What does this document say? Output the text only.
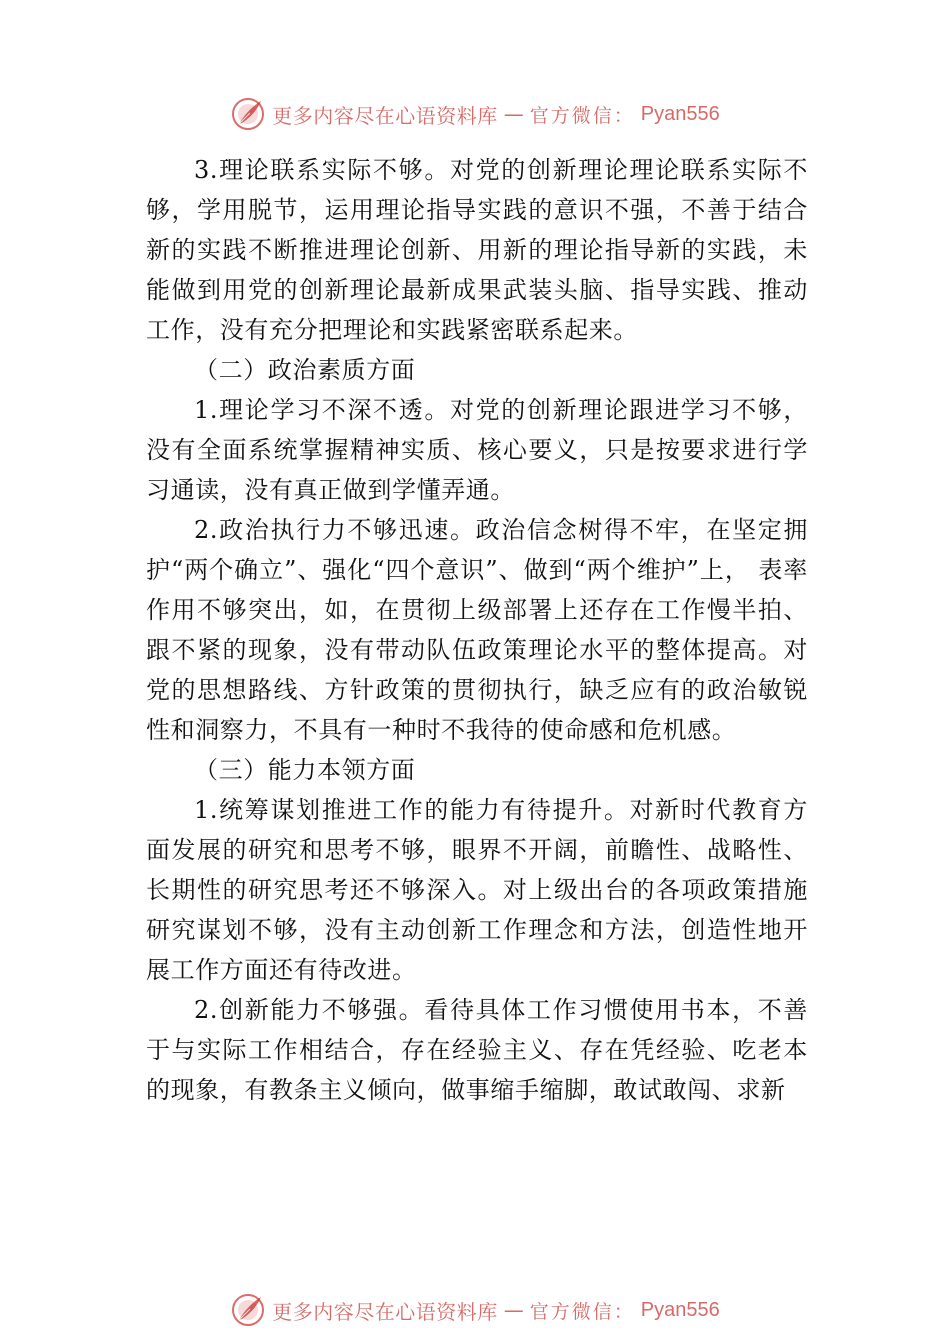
更多内容尽在心语资料库 — 官方微信： Pyan556

3.理论联系实际不够。对党的创新理论理论联系实际不够，学用脱节，运用理论指导实践的意识不强，不善于结合新的实践不断推进理论创新、用新的理论指导新的实践，未能做到用党的创新理论最新成果武装头脑、指导实践、推动工作，没有充分把理论和实践紧密联系起来。

（二）政治素质方面

1.理论学习不深不透。对党的创新理论跟进学习不够，没有全面系统掌握精神实质、核心要义，只是按要求进行学习通读，没有真正做到学懂弄通。

2.政治执行力不够迅速。政治信念树得不牢，在坚定拥护“两个确立”、强化“四个意识”、做到“两个维护”上， 表率作用不够突出，如，在贯彻上级部署上还存在工作慢半拍、跟不紧的现象，没有带动队伍政策理论水平的整体提高。对党的思想路线、方针政策的贯彻执行，缺乏应有的政治敏锐性和洞察力，不具有一种时不我待的使命感和危机感。

（三）能力本领方面

1.统筹谋划推进工作的能力有待提升。对新时代教育方面发展的研究和思考不够，眼界不开阔，前瞻性、战略性、 长期性的研究思考还不够深入。对上级出台的各项政策措施研究谋划不够，没有主动创新工作理念和方法，创造性地开展工作方面还有待改进。

2.创新能力不够强。看待具体工作习惯使用书本，不善于与实际工作相结合，存在经验主义、存在凭经验、吃老本的现象，有教条主义倾向，做事缩手缩脚，敢试敢闯、求新

更多内容尽在心语资料库 — 官方微信： Pyan556
